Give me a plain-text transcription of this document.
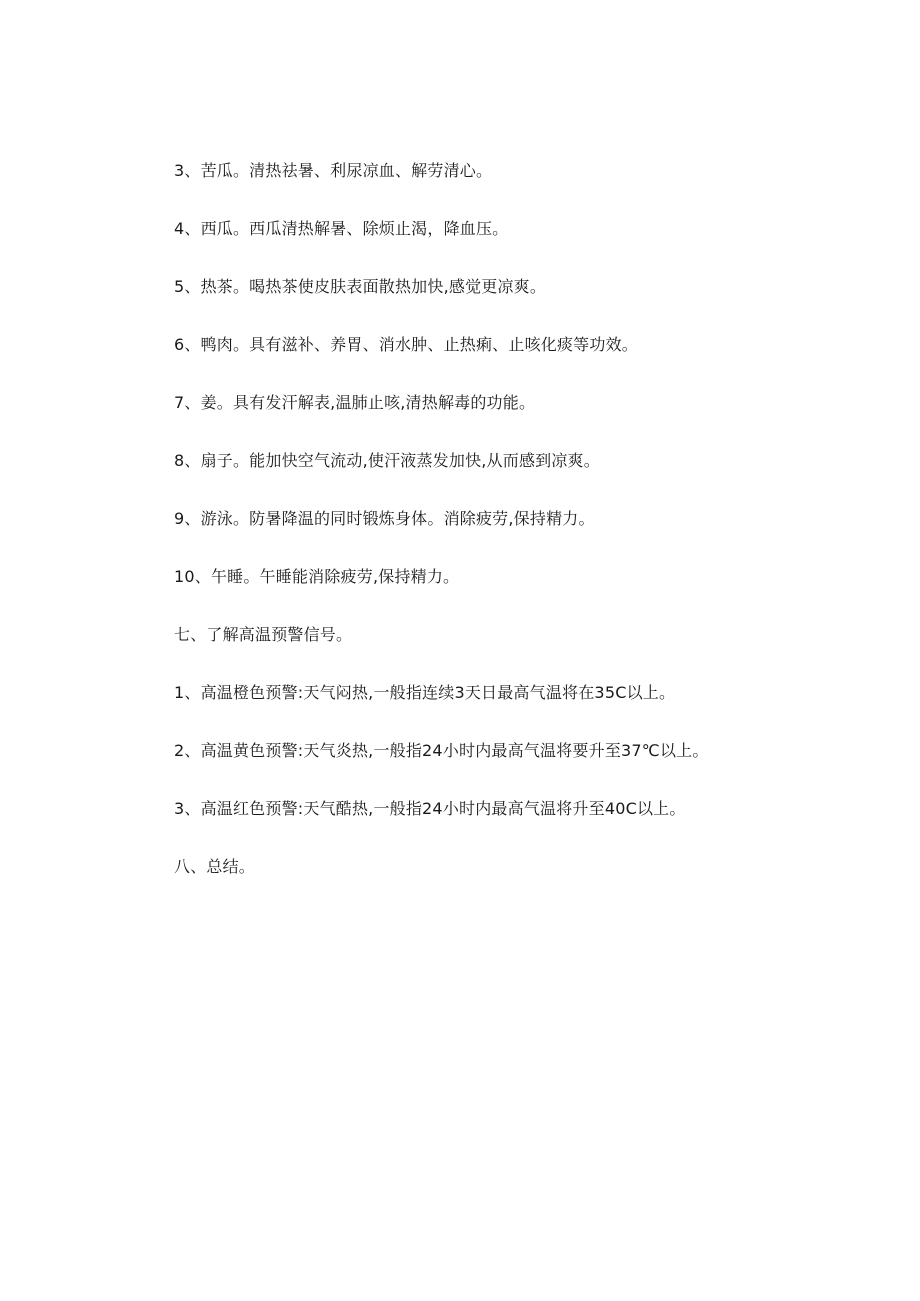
3、苦瓜。清热祛暑、利尿凉血、解劳清心。
4、西瓜。西瓜清热解暑、除烦止渴，降血压。
5、热茶。喝热茶使皮肤表面散热加快,感觉更凉爽。
6、鸭肉。具有滋补、养胃、消水肿、止热痢、止咳化痰等功效。
7、姜。具有发汗解表,温肺止咳,清热解毒的功能。
8、扇子。能加快空气流动,使汗液蒸发加快,从而感到凉爽。
9、游泳。防暑降温的同时锻炼身体。消除疲劳,保持精力。
10、午睡。午睡能消除疲劳,保持精力。
七、了解高温预警信号。
1、高温橙色预警:天气闷热,一般指连续3天日最高气温将在35C以上。
2、高温黄色预警:天气炎热,一般指24小时内最高气温将要升至37℃以上。
3、高温红色预警:天气酷热,一般指24小时内最高气温将升至40C以上。
八、总结。
